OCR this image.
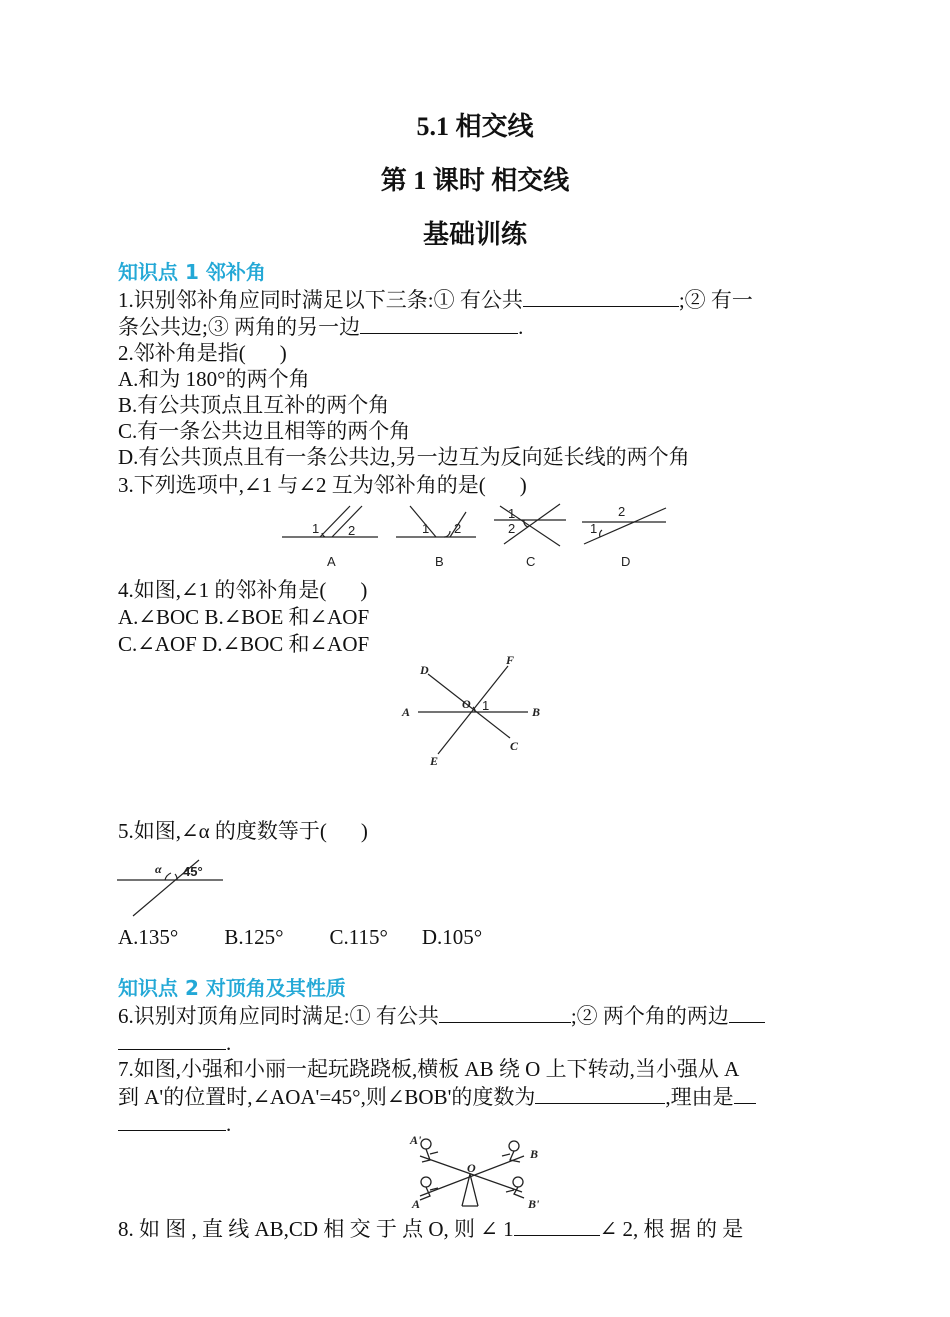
5.1 相交线
第 1 课时 相交线
基础训练
知识点 1 邻补角
1.识别邻补角应同时满足以下三条:① 有公共	;② 有一
条公共边;③ 两角的另一边	.
2.邻补角是指( )
A.和为 180°的两个角
B.有公共顶点且互补的两个角
C.有一条公共边且相等的两个角
D.有公共顶点且有一条公共边,另一边互为反向延长线的两个角
3.下列选项中,∠1 与∠2 互为邻补角的是( )
1 2
A
1 2
B
1
2
C
2
1
D
4.如图,∠1 的邻补角是( )
A.∠BOC B.∠BOE 和∠AOF
C.∠AOF D.∠BOC 和∠AOF
A	B
C
D
E
F
O 1
5.如图,∠α 的度数等于( )
α 45°
A.135° B.125° C.115° D.105°
知识点 2 对顶角及其性质
6.识别对顶角应同时满足:① 有公共	;② 两个角的两边
.
7.如图,小强和小丽一起玩跷跷板,横板 AB 绕 O 上下转动,当小强从 A
到 A'的位置时,∠AOA'=45°,则∠BOB'的度数为	,理由是
.
A'
A
O
B
B'
8. 如 图 , 直 线 AB,CD 相 交 于 点 O, 则 ∠ 1	∠ 2, 根 据 的 是
